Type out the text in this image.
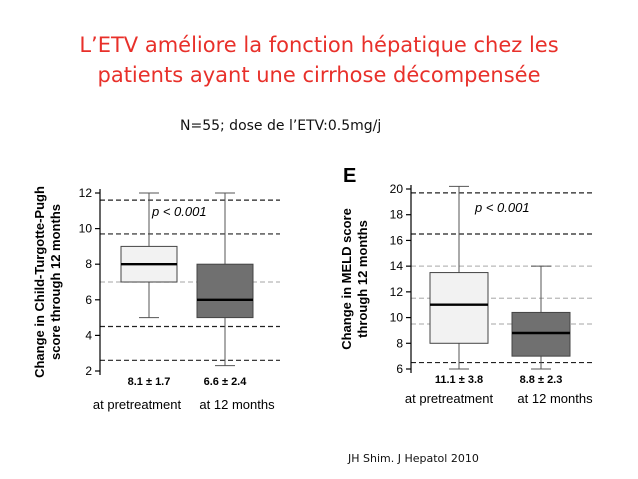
L’ETV améliore la fonction hépatique chez les
patients ayant une cirrhose décompensée
N=55; dose de l’ETV:0.5mg/j
12
10
8
6
4
2
Change in Child-Turgotte-Pugh score through 12 months	p < 0.001
8.1 ± 1.7
at pretreatment
6.6 ± 2.4
at 12 months
E
20
18
16
14
12
10
8
6
Change in MELD score through 12 months
p < 0.001
11.1 ± 3.8
at pretreatment
8.8 ± 2.3
at 12 months
JH Shim. J Hepatol 2010
